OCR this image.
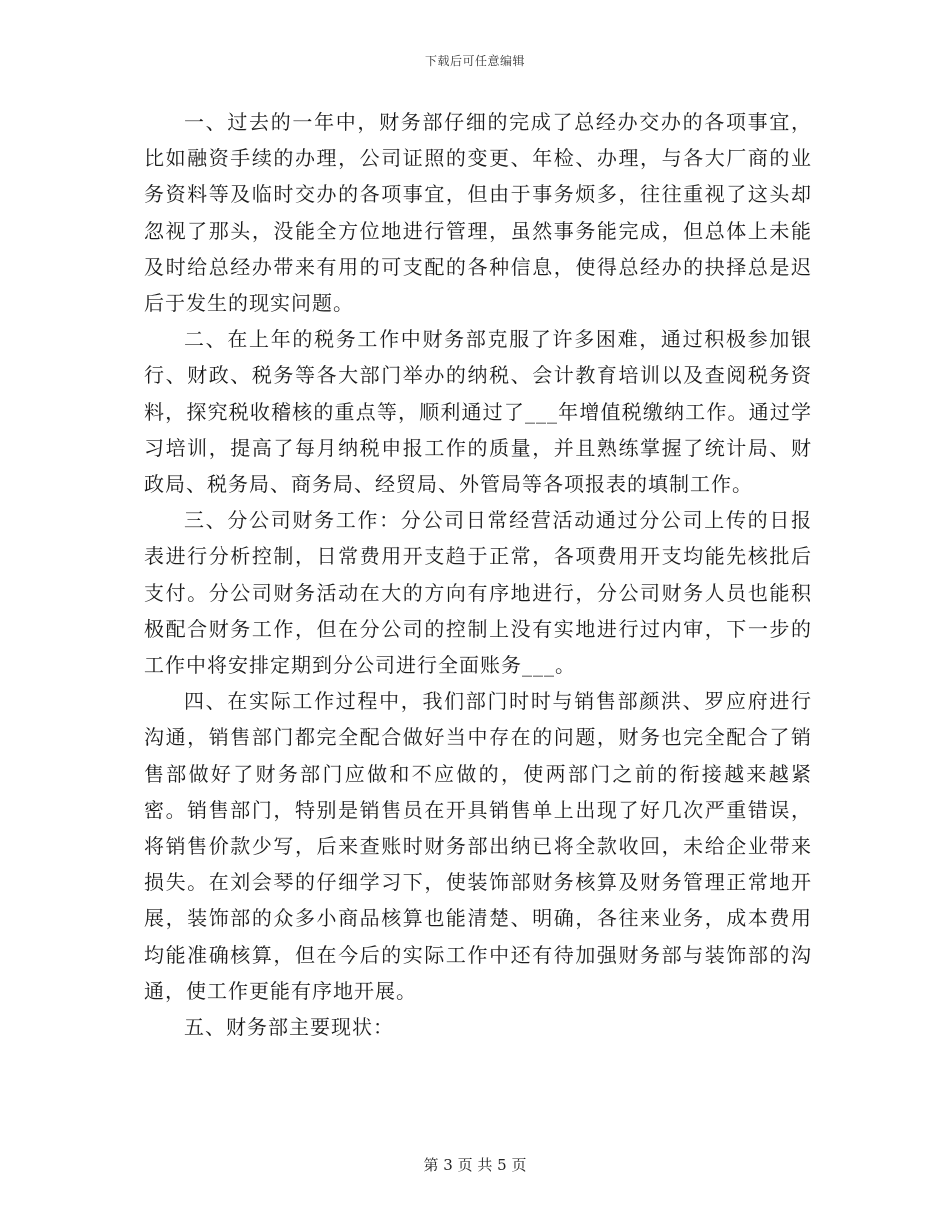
下载后可任意编辑

一、过去的一年中，财务部仔细的完成了总经办交办的各项事宜，比如融资手续的办理，公司证照的变更、年检、办理，与各大厂商的业务资料等及临时交办的各项事宜，但由于事务烦多，往往重视了这头却忽视了那头，没能全方位地进行管理，虽然事务能完成，但总体上未能及时给总经办带来有用的可支配的各种信息，使得总经办的抉择总是迟后于发生的现实问题。

二、在上年的税务工作中财务部克服了许多困难，通过积极参加银行、财政、税务等各大部门举办的纳税、会计教育培训以及查阅税务资料，探究税收稽核的重点等，顺利通过了___年增值税缴纳工作。通过学习培训，提高了每月纳税申报工作的质量，并且熟练掌握了统计局、财政局、税务局、商务局、经贸局、外管局等各项报表的填制工作。

三、分公司财务工作：分公司日常经营活动通过分公司上传的日报表进行分析控制，日常费用开支趋于正常，各项费用开支均能先核批后支付。分公司财务活动在大的方向有序地进行，分公司财务人员也能积极配合财务工作，但在分公司的控制上没有实地进行过内审，下一步的工作中将安排定期到分公司进行全面账务___。

四、在实际工作过程中，我们部门时时与销售部颜洪、罗应府进行沟通，销售部门都完全配合做好当中存在的问题，财务也完全配合了销售部做好了财务部门应做和不应做的，使两部门之前的衔接越来越紧密。销售部门，特别是销售员在开具销售单上出现了好几次严重错误，将销售价款少写，后来查账时财务部出纳已将全款收回，未给企业带来损失。在刘会琴的仔细学习下，使装饰部财务核算及财务管理正常地开展，装饰部的众多小商品核算也能清楚、明确，各往来业务，成本费用均能准确核算，但在今后的实际工作中还有待加强财务部与装饰部的沟通，使工作更能有序地开展。

五、财务部主要现状：

第 3 页 共 5 页
